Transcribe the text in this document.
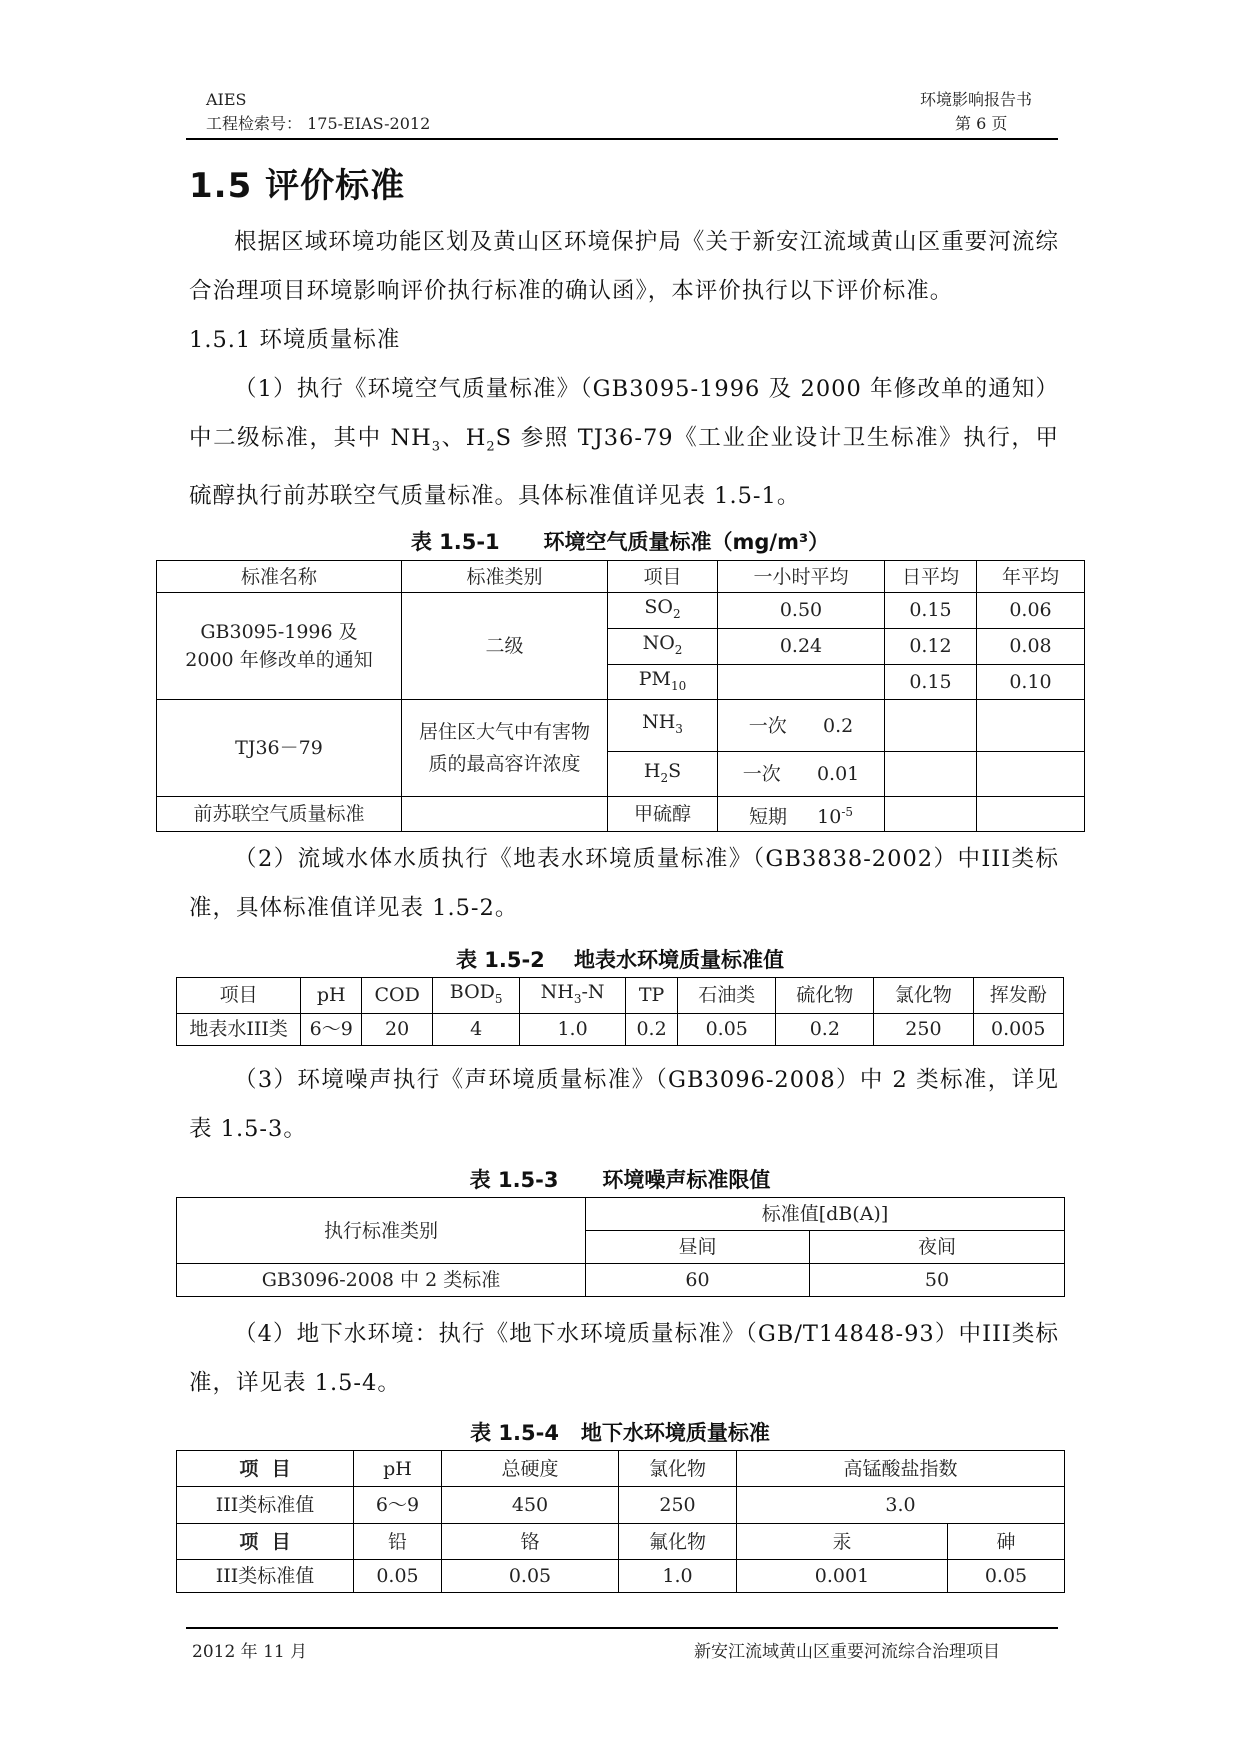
AIES
工程检索号： 175-EIAS-2012
环境影响报告书
第 6 页
1.5 评价标准

根据区域环境功能区划及黄山区环境保护局《关于新安江流域黄山区重要河流综合治理项目环境影响评价执行标准的确认函》，本评价执行以下评价标准。

1.5.1 环境质量标准

（1）执行《环境空气质量标准》（GB3095-1996 及 2000 年修改单的通知）中二级标准，其中 $NH_3$、$H_2S$ 参照 TJ36-79《工业企业设计卫生标准》执行，甲硫醇执行前苏联空气质量标准。具体标准值详见表 1.5-1。

表 1.5-1      环境空气质量标准（mg/m³）
标准名称	标准类别	项目	一小时平均	日平均	年平均
GB3095-1996 及 2000 年修改单的通知	二级	$SO_2$	0.50	0.15	0.06
		$NO_2$	0.24	0.12	0.08
		$PM_{10}$		0.15	0.10
TJ36－79	居住区大气中有害物质的最高容许浓度	$NH_3$	一次 0.2		
		$H_2S$	一次 0.01		
前苏联空气质量标准		甲硫醇	短期 $10^{-5}$		

（2）流域水体水质执行《地表水环境质量标准》（GB3838-2002）中III类标准，具体标准值详见表 1.5-2。

表 1.5-2    地表水环境质量标准值
项目	pH	COD	$BOD_5$	$NH_3-N$	TP	石油类	硫化物	氯化物	挥发酚
地表水III类	6～9	20	4	1.0	0.2	0.05	0.2	250	0.005

（3）环境噪声执行《声环境质量标准》（GB3096-2008）中 2 类标准，详见表 1.5-3。

表 1.5-3      环境噪声标准限值
执行标准类别	标准值[dB(A)]	
	昼间	夜间
GB3096-2008 中 2 类标准	60	50

（4）地下水环境：执行《地下水环境质量标准》（GB/T14848-93）中III类标准，详见表 1.5-4。

表 1.5-4   地下水环境质量标准
项  目	pH	总硬度	氯化物	高锰酸盐指数	
III类标准值	6～9	450	250	3.0	
项  目	铅	铬	氟化物	汞	砷
III类标准值	0.05	0.05	1.0	0.001	0.05
2012 年 11 月	新安江流域黄山区重要河流综合治理项目
